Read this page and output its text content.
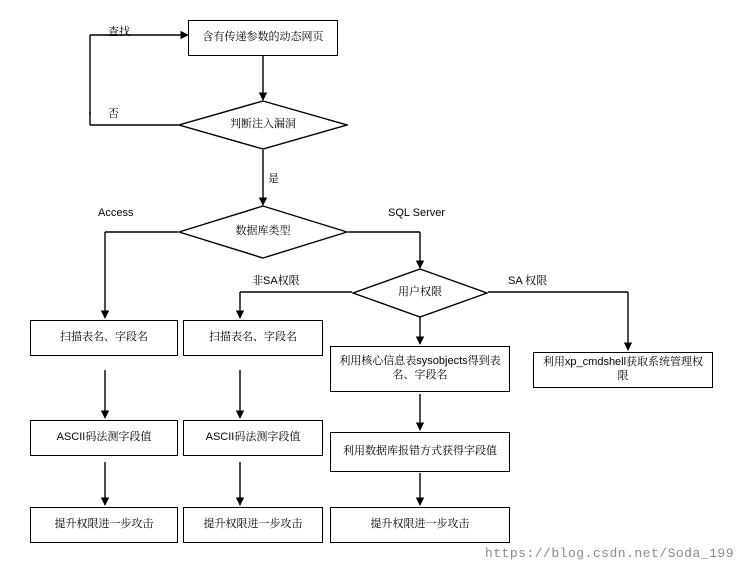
含有传递参数的动态网页
判断注入漏洞
数据库类型
用户权限
扫描表名、字段名
ASCII码法测字段值
提升权限进一步攻击
扫描表名、字段名
ASCII码法测字段值
提升权限进一步攻击
利用核心信息表sysobjects得到表名、字段名
利用数据库报错方式获得字段值
提升权限进一步攻击
利用xp_cmdshell获取系统管理权限
查找
否
是
Access	SQL Server
非SA权限	SA 权限
https://blog.csdn.net/Soda_199
